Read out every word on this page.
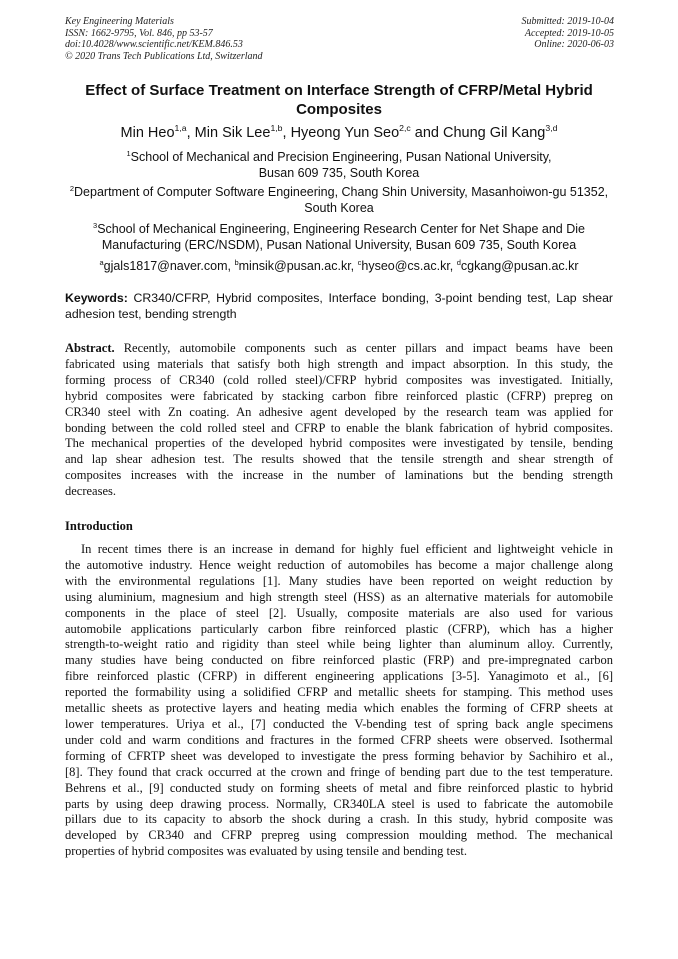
Key Engineering Materials
ISSN: 1662-9795, Vol. 846, pp 53-57
doi:10.4028/www.scientific.net/KEM.846.53
© 2020 Trans Tech Publications Ltd, Switzerland
Submitted: 2019-10-04
Accepted: 2019-10-05
Online: 2020-06-03
Effect of Surface Treatment on Interface Strength of CFRP/Metal Hybrid Composites
Min Heo$^{1,a}$, Min Sik Lee$^{1,b}$, Hyeong Yun Seo$^{2,c}$ and Chung Gil Kang$^{3,d}$
$^1$School of Mechanical and Precision Engineering, Pusan National University,
Busan 609 735, South Korea
$^2$Department of Computer Software Engineering, Chang Shin University, Masanhoiwon-gu 51352,
South Korea
$^3$School of Mechanical Engineering, Engineering Research Center for Net Shape and Die
Manufacturing (ERC/NSDM), Pusan National University, Busan 609 735, South Korea
$^a$gjals1817@naver.com, $^b$minsik@pusan.ac.kr, $^c$hyseo@cs.ac.kr, $^d$cgkang@pusan.ac.kr
Keywords: CR340/CFRP, Hybrid composites, Interface bonding, 3-point bending test, Lap shear
adhesion test, bending strength
Abstract. Recently, automobile components such as center pillars and impact beams have been
fabricated using materials that satisfy both high strength and impact absorption. In this study, the
forming process of CR340 (cold rolled steel)/CFRP hybrid composites was investigated. Initially,
hybrid composites were fabricated by stacking carbon fibre reinforced plastic (CFRP) prepreg on
CR340 steel with Zn coating. An adhesive agent developed by the research team was applied for
bonding between the cold rolled steel and CFRP to enable the blank fabrication of hybrid composites.
The mechanical properties of the developed hybrid composites were investigated by tensile, bending
and lap shear adhesion test. The results showed that the tensile strength and shear strength of
composites increases with the increase in the number of laminations but the bending strength
decreases.
Introduction
In recent times there is an increase in demand for highly fuel efficient and lightweight vehicle in
the automotive industry. Hence weight reduction of automobiles has become a major challenge along
with the environmental regulations [1]. Many studies have been reported on weight reduction by
using aluminium, magnesium and high strength steel (HSS) as an alternative materials for automobile
components in the place of steel [2]. Usually, composite materials are also used for various
automobile applications particularly carbon fibre reinforced plastic (CFRP), which has a higher
strength-to-weight ratio and rigidity than steel while being lighter than aluminum alloy. Currently,
many studies have being conducted on fibre reinforced plastic (FRP) and pre-impregnated carbon
fibre reinforced plastic (CFRP) in different engineering applications [3-5]. Yanagimoto et al., [6]
reported the formability using a solidified CFRP and metallic sheets for stamping. This method uses
metallic sheets as protective layers and heating media which enables the forming of CFRP sheets at
lower temperatures. Uriya et al., [7] conducted the V-bending test of spring back angle specimens
under cold and warm conditions and fractures in the formed CFRP sheets were observed. Isothermal
forming of CFRTP sheet was developed to investigate the press forming behavior by Sachihiro et al.,
[8]. They found that crack occurred at the crown and fringe of bending part due to the test temperature.
Behrens et al., [9] conducted study on forming sheets of metal and fibre reinforced plastic to hybrid
parts by using deep drawing process. Normally, CR340LA steel is used to fabricate the automobile
pillars due to its capacity to absorb the shock during a crash. In this study, hybrid composite was
developed by CR340 and CFRP prepreg using compression moulding method. The mechanical
properties of hybrid composites was evaluated by using tensile and bending test.
